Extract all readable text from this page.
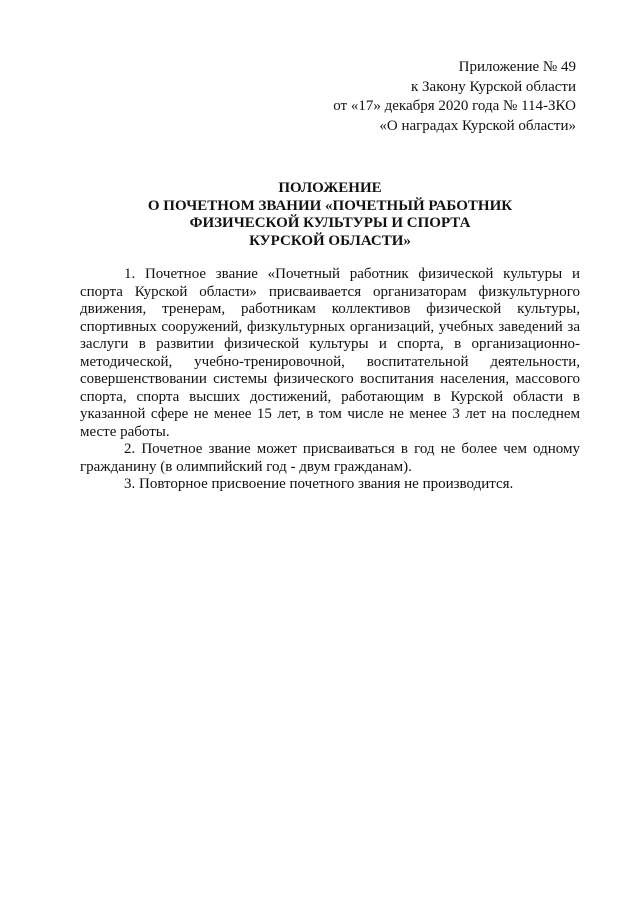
Приложение № 49
к Закону Курской области
от «17» декабря 2020 года № 114-ЗКО
«О наградах Курской области»
ПОЛОЖЕНИЕ
О ПОЧЕТНОМ ЗВАНИИ «ПОЧЕТНЫЙ РАБОТНИК
ФИЗИЧЕСКОЙ КУЛЬТУРЫ И СПОРТА
КУРСКОЙ ОБЛАСТИ»

1. Почетное звание «Почетный работник физической культуры и спорта Курской области» присваивается организаторам физкультурного движения, тренерам, работникам коллективов физической культуры, спортивных сооружений, физкультурных организаций, учебных заведений за заслуги в развитии физической культуры и спорта, в организационно-методической, учебно-тренировочной, воспитательной деятельности, совершенствовании системы физического воспитания населения, массового спорта, спорта высших достижений, работающим в Курской области в указанной сфере не менее 15 лет, в том числе не менее 3 лет на последнем месте работы.

2. Почетное звание может присваиваться в год не более чем одному гражданину (в олимпийский год - двум гражданам).

3. Повторное присвоение почетного звания не производится.
